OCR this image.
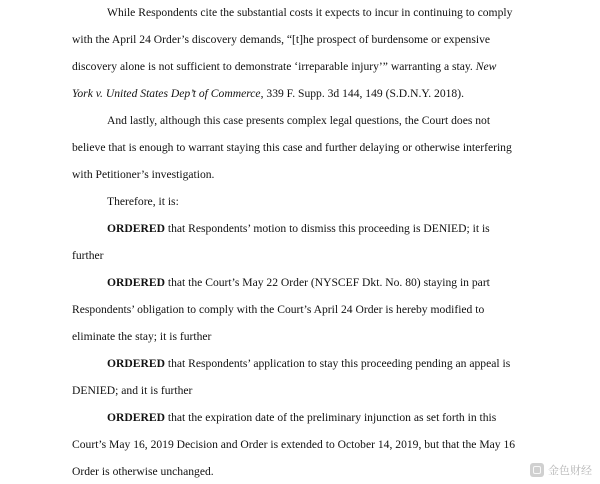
While Respondents cite the substantial costs it expects to incur in continuing to comply
with the April 24 Order’s discovery demands, “[t]he prospect of burdensome or expensive
discovery alone is not sufficient to demonstrate ‘irreparable injury’” warranting a stay. New
York v. United States Dep’t of Commerce, 339 F. Supp. 3d 144, 149 (S.D.N.Y. 2018).
And lastly, although this case presents complex legal questions, the Court does not
believe that is enough to warrant staying this case and further delaying or otherwise interfering
with Petitioner’s investigation.
Therefore, it is:
ORDERED that Respondents’ motion to dismiss this proceeding is DENIED; it is
further
ORDERED that the Court’s May 22 Order (NYSCEF Dkt. No. 80) staying in part
Respondents’ obligation to comply with the Court’s April 24 Order is hereby modified to
eliminate the stay; it is further
ORDERED that Respondents’ application to stay this proceeding pending an appeal is
DENIED; and it is further
ORDERED that the expiration date of the preliminary injunction as set forth in this
Court’s May 16, 2019 Decision and Order is extended to October 14, 2019, but that the May 16
Order is otherwise unchanged.	金色财经
